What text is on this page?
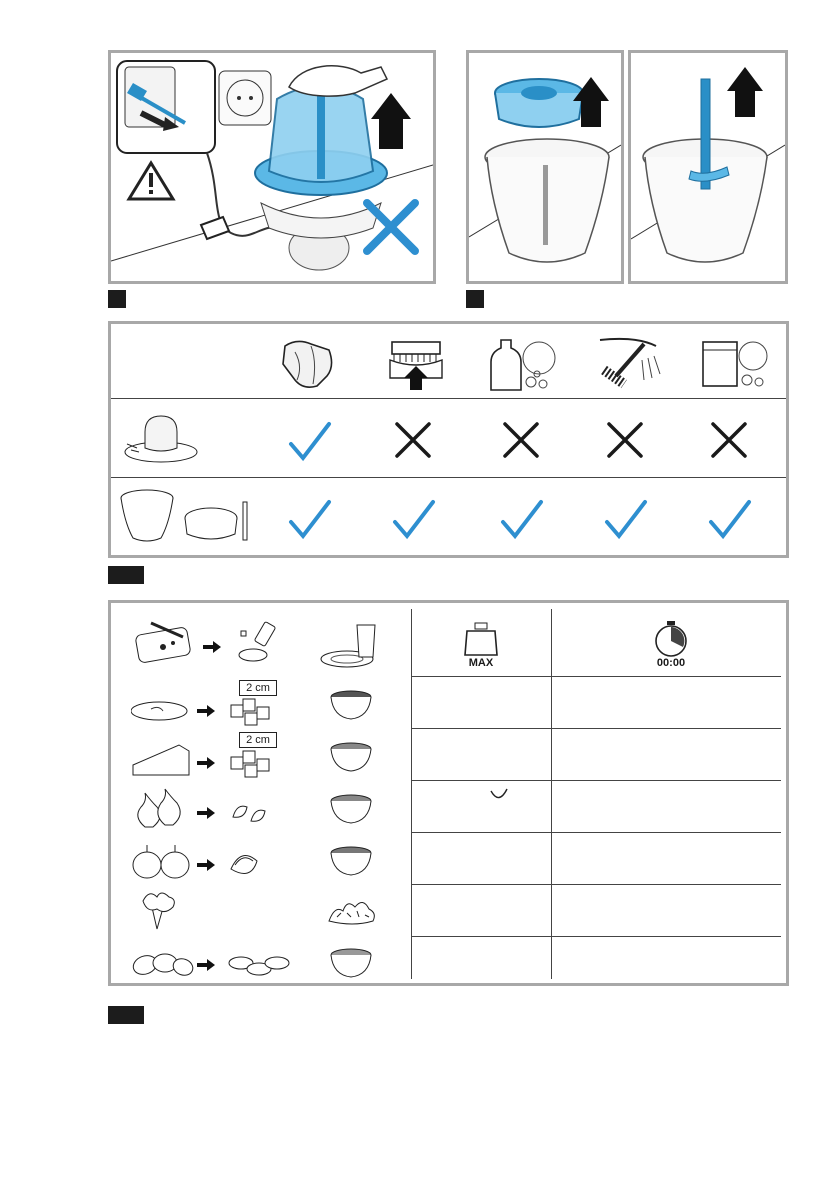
MAX	00:00
2 cm
2 cm
